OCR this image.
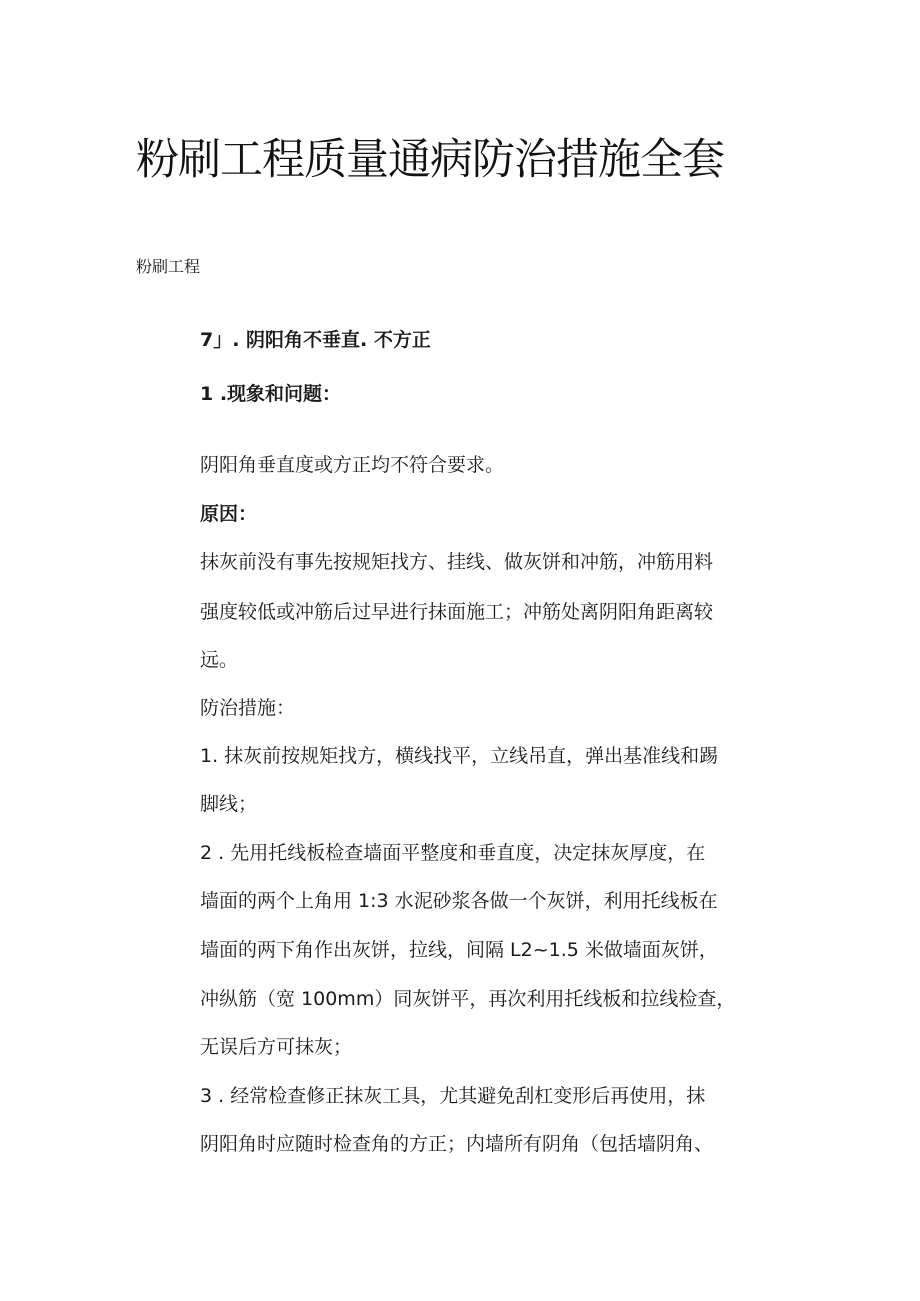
粉刷工程质量通病防治措施全套
粉刷工程
7」. 阴阳角不垂直. 不方正
1 .现象和问题：
阴阳角垂直度或方正均不符合要求。
原因：
抹灰前没有事先按规矩找方、挂线、做灰饼和冲筋，冲筋用料
强度较低或冲筋后过早进行抹面施工；冲筋处离阴阳角距离较
远。
防治措施：
1. 抹灰前按规矩找方，横线找平，立线吊直，弹出基准线和踢
脚线；
2 . 先用托线板检查墙面平整度和垂直度，决定抹灰厚度，在
墙面的两个上角用 1:3 水泥砂浆各做一个灰饼，利用托线板在
墙面的两下角作出灰饼，拉线，间隔 L2~1.5 米做墙面灰饼，
冲纵筋（宽 100mm）同灰饼平，再次利用托线板和拉线检查，
无误后方可抹灰；
3 . 经常检查修正抹灰工具，尤其避免刮杠变形后再使用，抹
阴阳角时应随时检查角的方正；内墙所有阴角（包括墙阴角、
